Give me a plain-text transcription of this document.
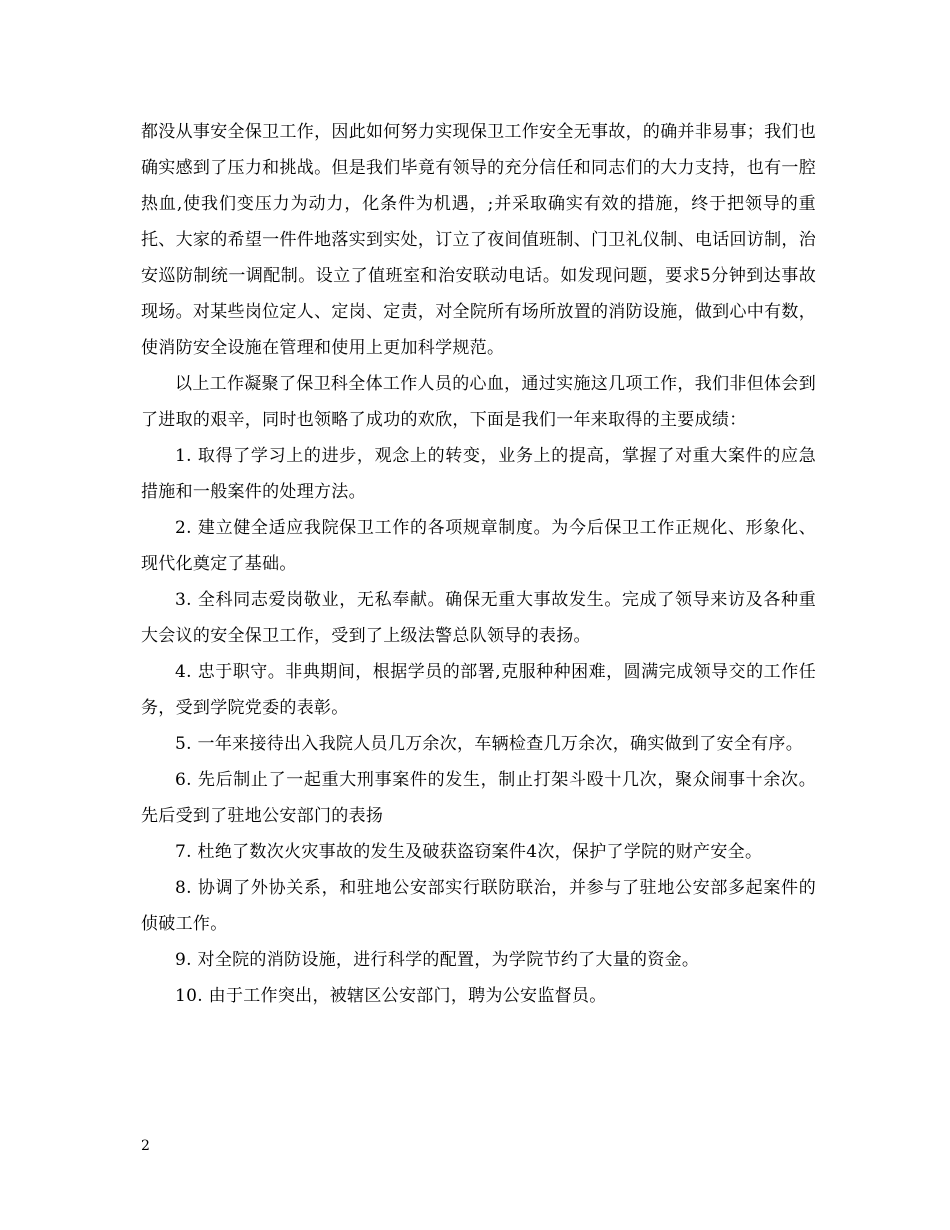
都没从事安全保卫工作，因此如何努力实现保卫工作安全无事故，的确并非易事；我们也确实感到了压力和挑战。但是我们毕竟有领导的充分信任和同志们的大力支持，也有一腔热血,使我们变压力为动力，化条件为机遇，;并采取确实有效的措施，终于把领导的重托、大家的希望一件件地落实到实处，订立了夜间值班制、门卫礼仪制、电话回访制，治安巡防制统一调配制。设立了值班室和治安联动电话。如发现问题，要求5分钟到达事故现场。对某些岗位定人、定岗、定责，对全院所有场所放置的消防设施，做到心中有数，使消防安全设施在管理和使用上更加科学规范。

以上工作凝聚了保卫科全体工作人员的心血，通过实施这几项工作，我们非但体会到了进取的艰辛，同时也领略了成功的欢欣，下面是我们一年来取得的主要成绩：

1. 取得了学习上的进步，观念上的转变，业务上的提高，掌握了对重大案件的应急措施和一般案件的处理方法。

2. 建立健全适应我院保卫工作的各项规章制度。为今后保卫工作正规化、形象化、现代化奠定了基础。

3. 全科同志爱岗敬业，无私奉献。确保无重大事故发生。完成了领导来访及各种重大会议的安全保卫工作，受到了上级法警总队领导的表扬。

4. 忠于职守。非典期间，根据学员的部署,克服种种困难，圆满完成领导交的工作任务，受到学院党委的表彰。

5. 一年来接待出入我院人员几万余次，车辆检查几万余次，确实做到了安全有序。

6. 先后制止了一起重大刑事案件的发生，制止打架斗殴十几次，聚众闹事十余次。先后受到了驻地公安部门的表扬

7. 杜绝了数次火灾事故的发生及破获盗窃案件4次，保护了学院的财产安全。

8. 协调了外协关系，和驻地公安部实行联防联治，并参与了驻地公安部多起案件的侦破工作。

9. 对全院的消防设施，进行科学的配置，为学院节约了大量的资金。

10. 由于工作突出，被辖区公安部门，聘为公安监督员。

2
